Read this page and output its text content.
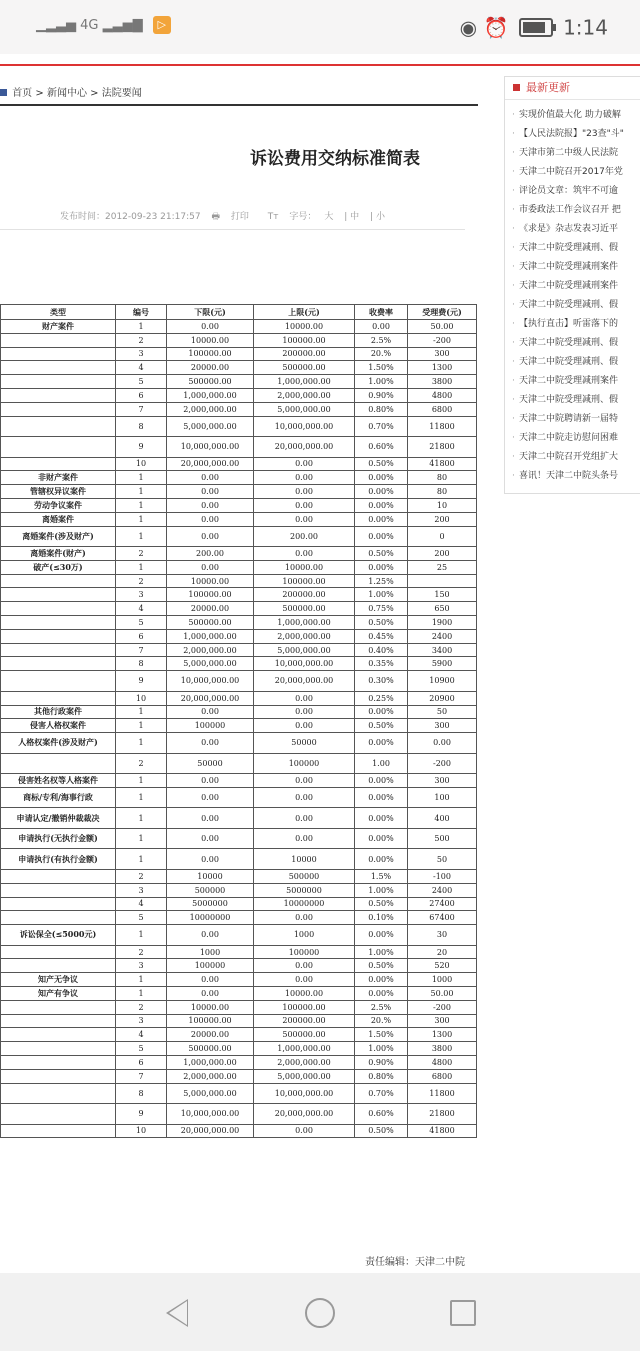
▁▂▃▅ 4G ▂▃▅▇ ▷	◉ ⏰	1:14
首页 > 新闻中心 > 法院要闻
诉讼费用交纳标准简表
发布时间：2012-09-23 21:17:57 🖶 打印 Tт 字号： 大 | 中 | 小
最新更新
· 实现价值最大化 助力破解
· 【人民法院报】"23查"斗"
· 天津市第二中级人民法院
· 天津二中院召开2017年党
· 评论员文章：筑牢不可逾
· 市委政法工作会议召开 把
· 《求是》杂志发表习近平
· 天津二中院受理减刑、假
· 天津二中院受理减刑案件
· 天津二中院受理减刑案件
· 天津二中院受理减刑、假
· 【执行直击】听雷落下的
· 天津二中院受理减刑、假
· 天津二中院受理减刑、假
· 天津二中院受理减刑案件
· 天津二中院受理减刑、假
· 天津二中院聘请新一届特
· 天津二中院走访慰问困难
· 天津二中院召开党组扩大
· 喜讯！天津二中院头条号
类型	编号	下限(元)	上限(元)	收费率	受理费(元)
财产案件	1	0.00	10000.00	0.00	50.00
	2	10000.00	100000.00	2.5%	-200
	3	100000.00	200000.00	20.%	300
	4	20000.00	500000.00	1.50%	1300
	5	500000.00	1,000,000.00	1.00%	3800
	6	1,000,000.00	2,000,000.00	0.90%	4800
	7	2,000,000.00	5,000,000.00	0.80%	6800
	8	5,000,000.00	10,000,000.00	0.70%	11800
	9	10,000,000.00	20,000,000.00	0.60%	21800
	10	20,000,000.00	0.00	0.50%	41800
非财产案件	1	0.00	0.00	0.00%	80
管辖权异议案件	1	0.00	0.00	0.00%	80
劳动争议案件	1	0.00	0.00	0.00%	10
离婚案件	1	0.00	0.00	0.00%	200
离婚案件(涉及财产)	1	0.00	200.00	0.00%	0
离婚案件(财产)	2	200.00	0.00	0.50%	200
破产(≤30万)	1	0.00	10000.00	0.00%	25
	2	10000.00	100000.00	1.25%	
	3	100000.00	200000.00	1.00%	150
	4	20000.00	500000.00	0.75%	650
	5	500000.00	1,000,000.00	0.50%	1900
	6	1,000,000.00	2,000,000.00	0.45%	2400
	7	2,000,000.00	5,000,000.00	0.40%	3400
	8	5,000,000.00	10,000,000.00	0.35%	5900
	9	10,000,000.00	20,000,000.00	0.30%	10900
	10	20,000,000.00	0.00	0.25%	20900
其他行政案件	1	0.00	0.00	0.00%	50
侵害人格权案件	1	100000	0.00	0.50%	300
人格权案件(涉及财产)	1	0.00	50000	0.00%	0.00
	2	50000	100000	1.00	-200
侵害姓名权等人格案件	1	0.00	0.00	0.00%	300
商标/专利/海事行政	1	0.00	0.00	0.00%	100
申请认定/撤销仲裁裁决	1	0.00	0.00	0.00%	400
申请执行(无执行金额)	1	0.00	0.00	0.00%	500
申请执行(有执行金额)	1	0.00	10000	0.00%	50
	2	10000	500000	1.5%	-100
	3	500000	5000000	1.00%	2400
	4	5000000	10000000	0.50%	27400
	5	10000000	0.00	0.10%	67400
诉讼保全(≤5000元)	1	0.00	1000	0.00%	30
	2	1000	100000	1.00%	20
	3	100000	0.00	0.50%	520
知产无争议	1	0.00	0.00	0.00%	1000
知产有争议	1	0.00	10000.00	0.00%	50.00
	2	10000.00	100000.00	2.5%	-200
	3	100000.00	200000.00	20.%	300
	4	20000.00	500000.00	1.50%	1300
	5	500000.00	1,000,000.00	1.00%	3800
	6	1,000,000.00	2,000,000.00	0.90%	4800
	7	2,000,000.00	5,000,000.00	0.80%	6800
	8	5,000,000.00	10,000,000.00	0.70%	11800
	9	10,000,000.00	20,000,000.00	0.60%	21800
	10	20,000,000.00	0.00	0.50%	41800
责任编辑：天津二中院
